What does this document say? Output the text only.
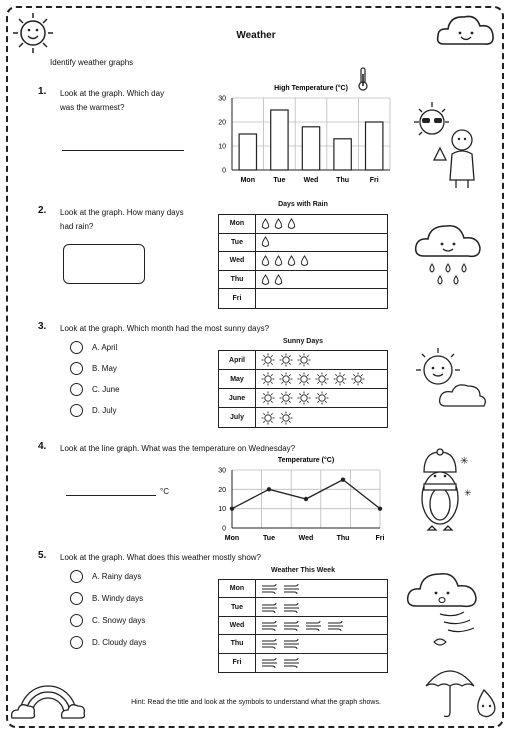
Weather
Identify weather graphs
1. Look at the graph. Which day
was the warmest?
High Temperature (°C)
0
10
20
30
Mon	Tue	Wed	Thu	Fri
2. Look at the graph. How many days
had rain?
Days with Rain
Mon
Tue
Wed
Thu
Fri
3. Look at the graph. Which month had the most sunny days?
A. April
B. May
C. June
D. July
Sunny Days
April
May
June
July
4. Look at the line graph. What was the temperature on Wednesday?
°C
Temperature (°C)
0
10
20
30
Mon	Tue	Wed	Thu	Fri
✳
✳
5. Look at the graph. What does this weather mostly show?
A. Rainy days
B. Windy days
C. Snowy days
D. Cloudy days
Weather This Week
Mon
Tue
Wed
Thu
Fri
Hint: Read the title and look at the symbols to understand what the graph shows.
